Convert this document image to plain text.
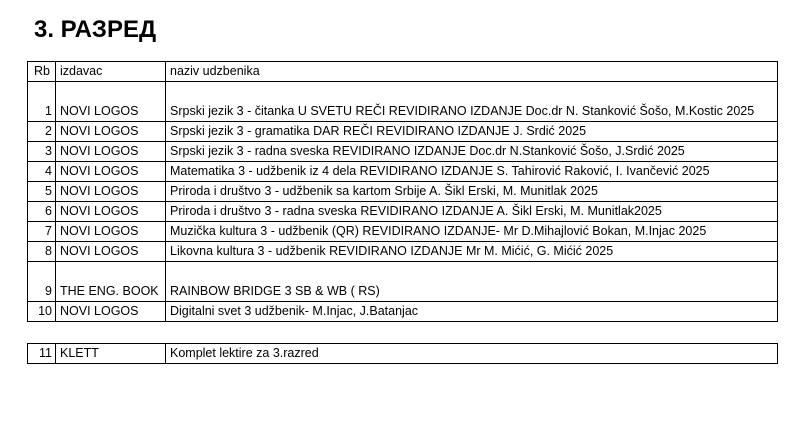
3. РАЗРЕД
Rb	izdavac	naziv udzbenika
1	NOVI LOGOS	Srpski jezik 3 - čitanka U SVETU REČI REVIDIRANO IZDANJE Doc.dr N. Stanković Šošo, M.Kostic 2025
2	NOVI LOGOS	Srpski jezik 3 - gramatika DAR REČI REVIDIRANO IZDANJE J. Srdić 2025
3	NOVI LOGOS	Srpski jezik 3 - radna sveska REVIDIRANO IZDANJE Doc.dr N.Stanković Šošo, J.Srdić 2025
4	NOVI LOGOS	Matematika 3 - udžbenik iz 4 dela REVIDIRANO IZDANJE S. Tahirović Raković, I. Ivančević 2025
5	NOVI LOGOS	Priroda i društvo 3 - udžbenik sa kartom Srbije A. Šikl Erski, M. Munitlak 2025
6	NOVI LOGOS	Priroda i društvo 3 - radna sveska REVIDIRANO IZDANJE A. Šikl Erski, M. Munitlak2025
7	NOVI LOGOS	Muzička kultura 3 - udžbenik (QR) REVIDIRANO IZDANJE- Mr D.Mihajlović Bokan, M.Injac 2025
8	NOVI LOGOS	Likovna kultura 3 - udžbenik REVIDIRANO IZDANJE Mr M. Mićić, G. Mićić 2025
9	THE ENG. BOOK	RAINBOW BRIDGE 3 SB & WB ( RS)
10	NOVI LOGOS	Digitalni svet 3 udžbenik- M.Injac, J.Batanjac
11	KLETT	Komplet lektire za 3.razred
